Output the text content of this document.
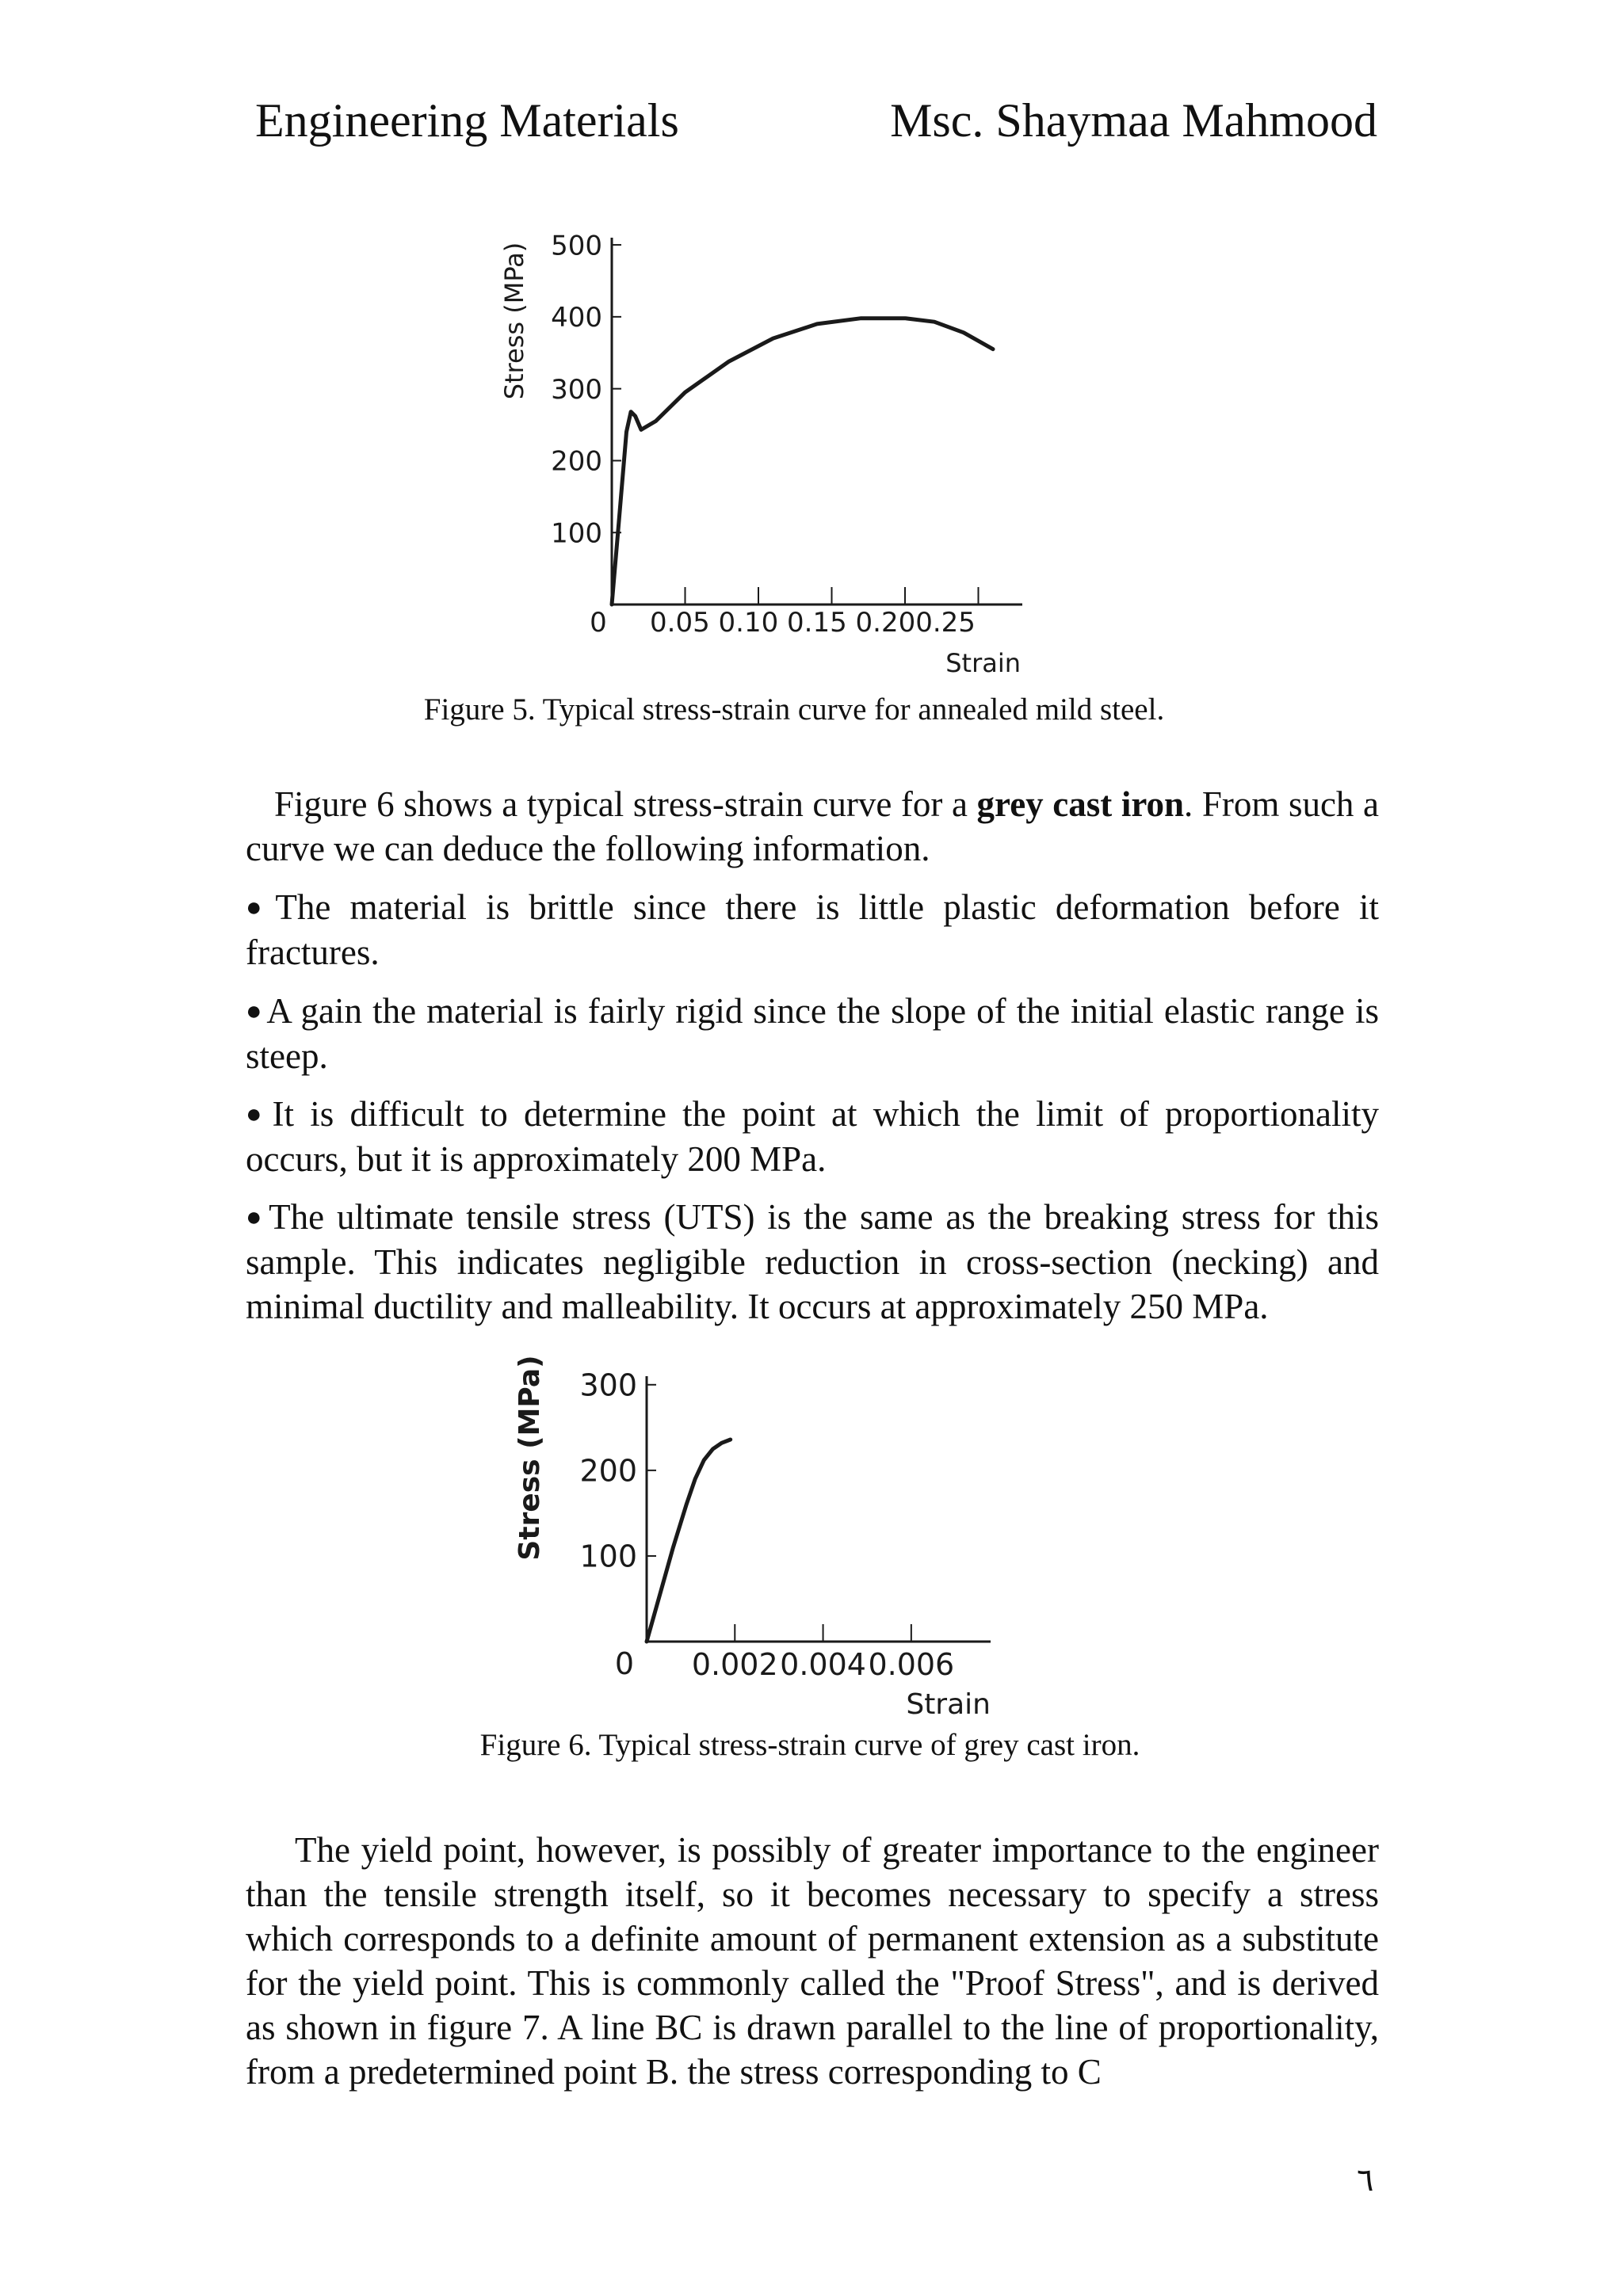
Engineering Materials	Msc. Shaymaa Mahmood
Stress (MPa) 500
400
300
200
100
0 0.05 0.10 0.15 0.200.25
Strain
Figure 5. Typical stress-strain curve for annealed mild steel.

Figure 6 shows a typical stress-strain curve for a grey cast iron. From such a curve we can deduce the following information.

●The material is brittle since there is little plastic deformation before it fractures.

●A gain the material is fairly rigid since the slope of the initial elastic range is steep.

●It is difficult to determine the point at which the limit of proportionality occurs, but it is approximately 200 MPa.

●The ultimate tensile stress (UTS) is the same as the breaking stress for this sample. This indicates negligible reduction in cross-section (necking) and minimal ductility and malleability. It occurs at approximately 250 MPa.

Stress (MPa) 300
200
100
0.002 0.004 0.006
0
Strain
Figure 6. Typical stress-strain curve of grey cast iron.

The yield point, however, is possibly of greater importance to the engineer than the tensile strength itself, so it becomes necessary to specify a stress which corresponds to a definite amount of permanent extension as a substitute for the yield point. This is commonly called the "Proof Stress", and is derived as shown in figure 7. A line BC is drawn parallel to the line of proportionality, from a predetermined point B. the stress corresponding to C

٦
